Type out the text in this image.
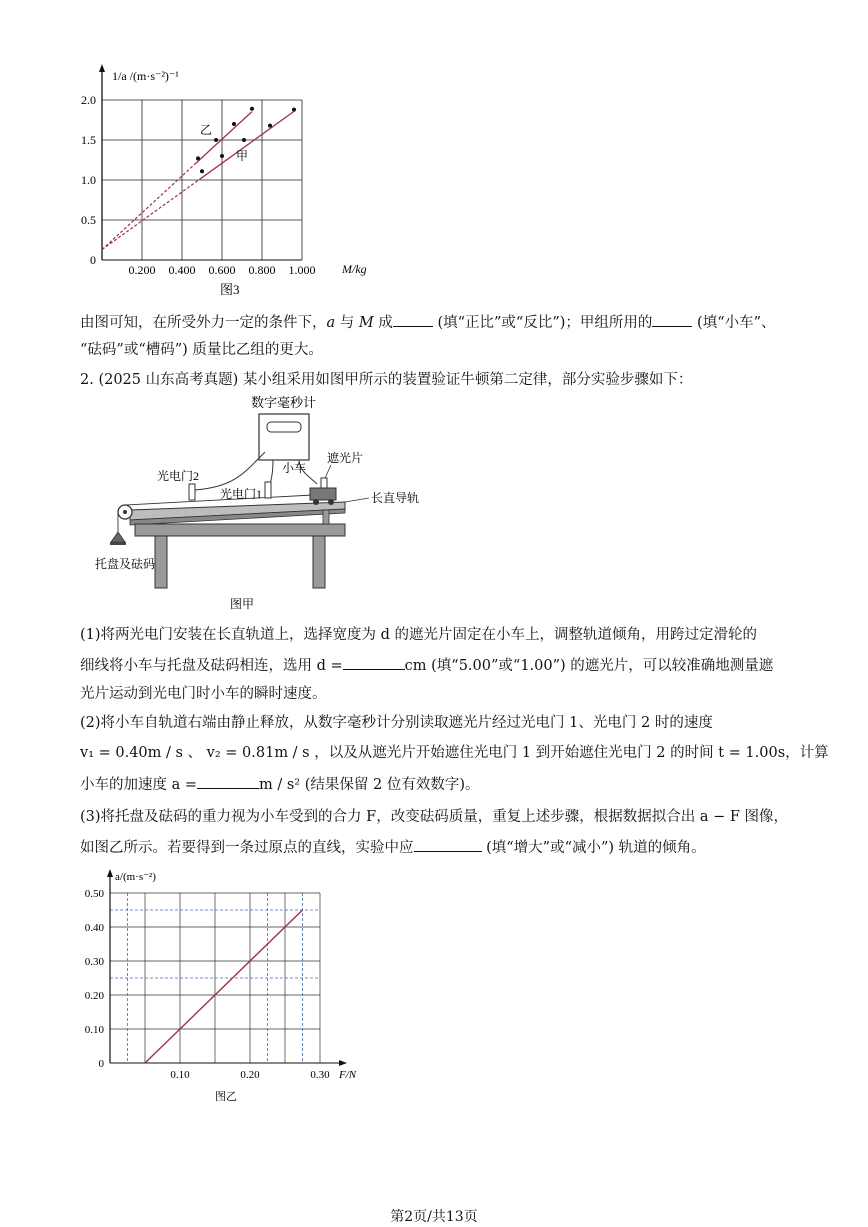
0
0.5
1.0
1.5
2.0
0.200 0.400 0.600 0.800 1.000
1/a /(m·s⁻²)⁻¹
M/kg
乙
甲
图3
由图可知，在所受外力一定的条件下，a 与 M 成	(填“正比”或“反比”)；甲组所用的	(填“小车”、
“砝码”或“槽码”) 质量比乙组的更大。
2. (2025 山东高考真题) 某小组采用如图甲所示的装置验证牛顿第二定律，部分实验步骤如下：
数字毫秒计
光电门2
光电门1
小车
遮光片
长直导轨
托盘及砝码
图甲
(1)将两光电门安装在长直轨道上，选择宽度为 d 的遮光片固定在小车上，调整轨道倾角，用跨过定滑轮的
细线将小车与托盘及砝码相连，选用 d =	cm (填“5.00”或“1.00”) 的遮光片，可以较准确地测量遮
光片运动到光电门时小车的瞬时速度。
(2)将小车自轨道右端由静止释放，从数字毫秒计分别读取遮光片经过光电门 1、光电门 2 时的速度
v₁ = 0.40m / s 、 v₂ = 0.81m / s ，以及从遮光片开始遮住光电门 1 到开始遮住光电门 2 的时间 t = 1.00s，计算
小车的加速度 a =	m / s² (结果保留 2 位有效数字)。
(3)将托盘及砝码的重力视为小车受到的合力 F，改变砝码质量，重复上述步骤，根据数据拟合出 a − F 图像，
如图乙所示。若要得到一条过原点的直线，实验中应	(填“增大”或“减小”) 轨道的倾角。
0
0.10
0.20
0.30
0.40
0.50
0.10	0.20	0.30
a/(m·s⁻²)
F/N
图乙
第2页/共13页
